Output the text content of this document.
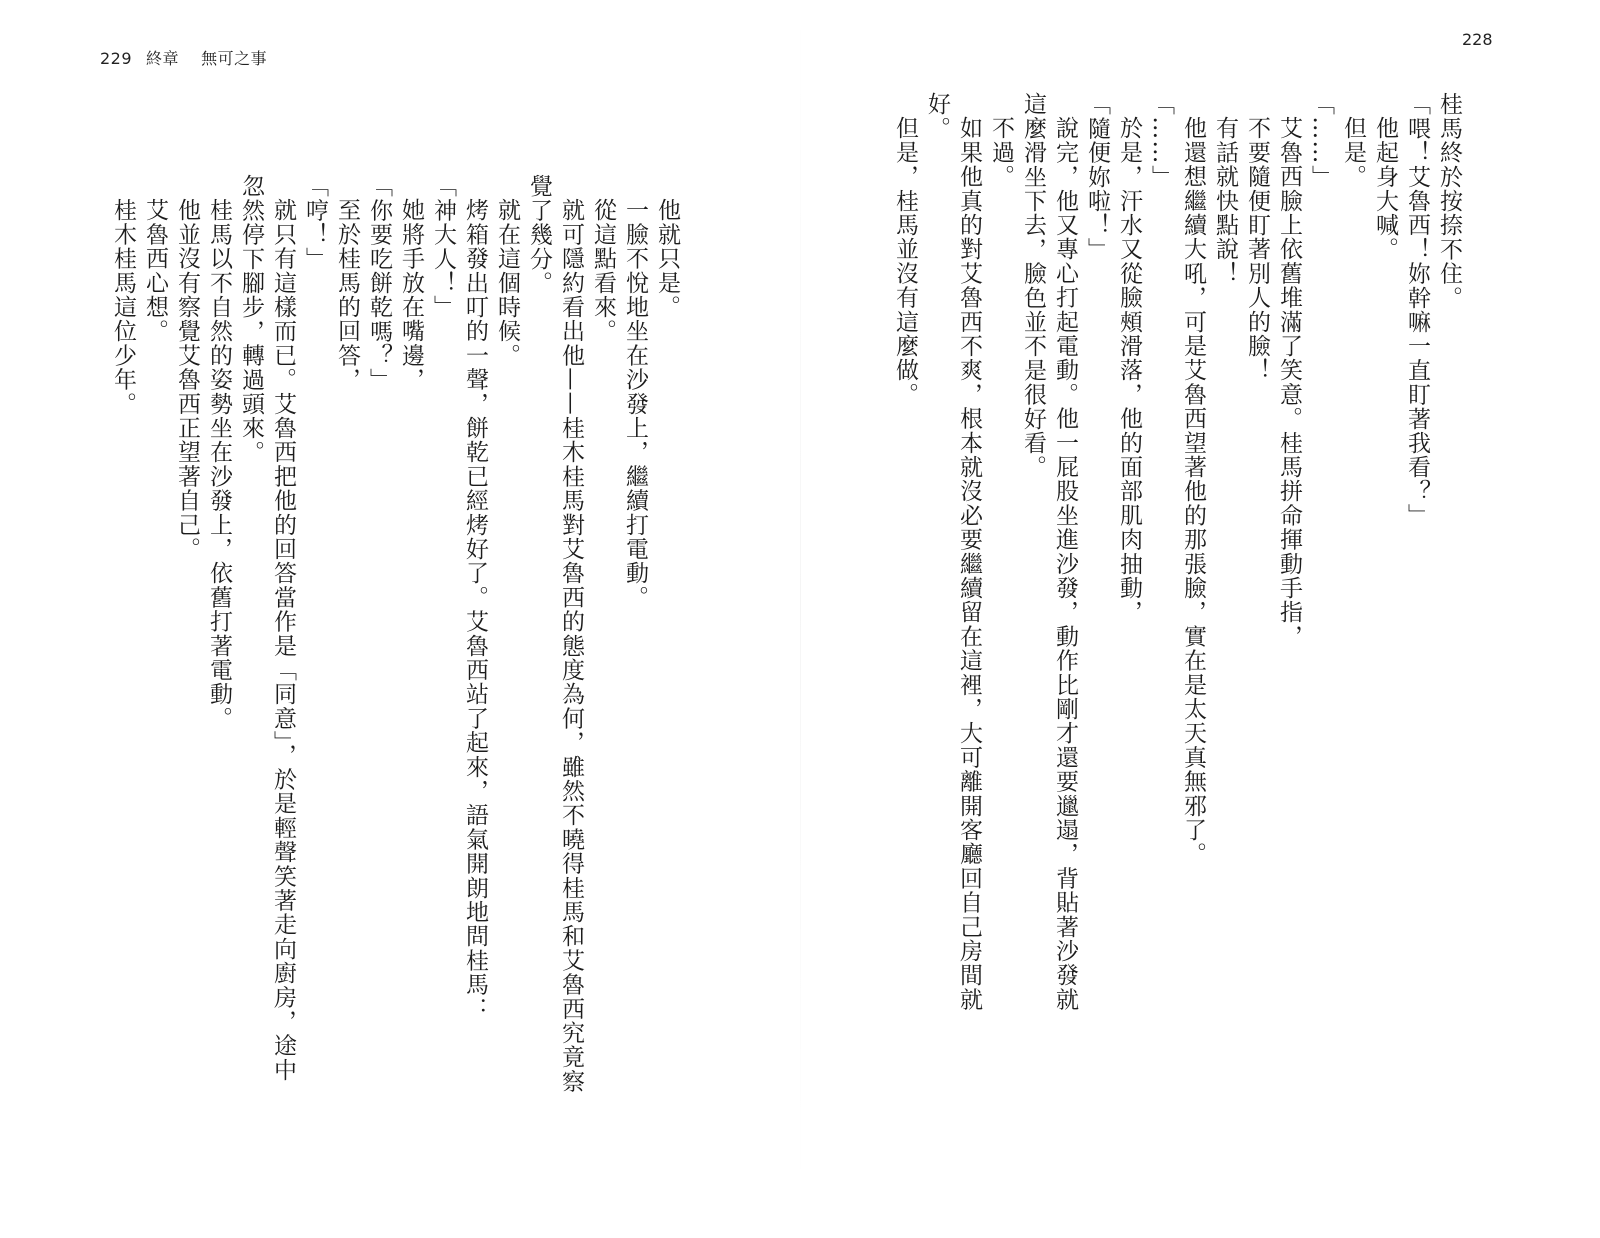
229 終章 無可之事
228
桂馬終於按捺不住。
「喂！艾魯西！妳幹嘛一直盯著我看？」
他起身大喊。
但是。
「……」
艾魯西臉上依舊堆滿了笑意。桂馬拼命揮動手指，
不要隨便盯著別人的臉！
有話就快點說！
他還想繼續大吼，可是艾魯西望著他的那張臉，實在是太天真無邪了。
「……」
於是，汗水又從臉頰滑落，他的面部肌肉抽動，
「隨便妳啦！」
說完，他又專心打起電動。他一屁股坐進沙發，動作比剛才還要邋遢，背貼著沙發就
這麼滑坐下去，臉色並不是很好看。
不過。
如果他真的對艾魯西不爽，根本就沒必要繼續留在這裡，大可離開客廳回自己房間就
好。
但是，桂馬並沒有這麼做。
他就只是。
一臉不悅地坐在沙發上，繼續打電動。
從這點看來。
就可隱約看出他——桂木桂馬對艾魯西的態度為何，雖然不曉得桂馬和艾魯西究竟察
覺了幾分。
就在這個時候。
烤箱發出叮的一聲，餅乾已經烤好了。艾魯西站了起來，語氣開朗地問桂馬：
「神大人！」
她將手放在嘴邊，
「你要吃餅乾嗎？」
至於桂馬的回答，
「哼！」
就只有這樣而已。艾魯西把他的回答當作是「同意」，於是輕聲笑著走向廚房，途中
忽然停下腳步，轉過頭來。
桂馬以不自然的姿勢坐在沙發上，依舊打著電動。
他並沒有察覺艾魯西正望著自己。
艾魯西心想。
桂木桂馬這位少年。
